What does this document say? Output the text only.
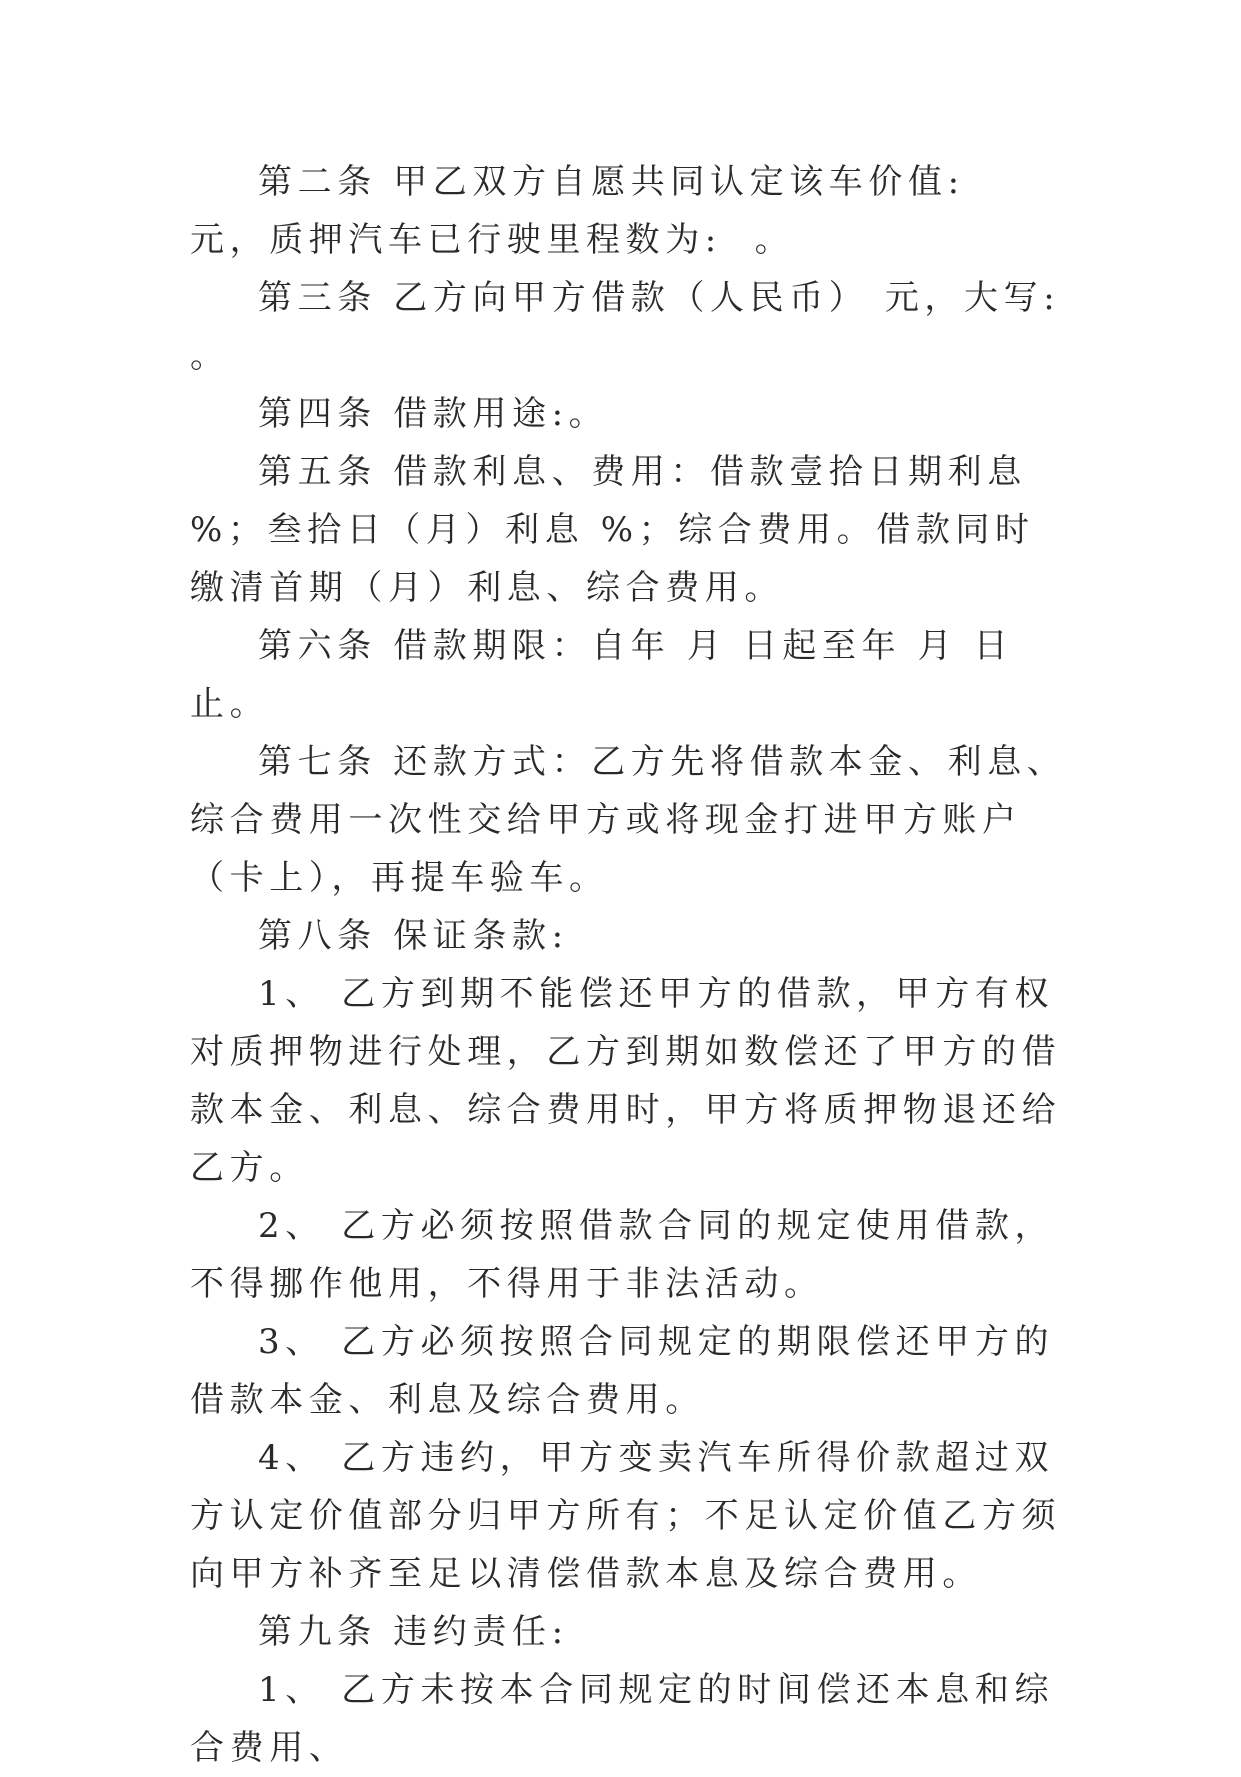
第二条 甲乙双方自愿共同认定该车价值:  元，质押汽车已行驶里程数为:  。

第三条 乙方向甲方借款（人民币） 元，大写:  。

第四条 借款用途:。

第五条 借款利息、费用：借款壹拾日期利息 %；叁拾日（月）利息 %；综合费用。借款同时缴清首期（月）利息、综合费用。

第六条 借款期限：自年 月 日起至年 月 日止。

第七条 还款方式：乙方先将借款本金、利息、综合费用一次性交给甲方或将现金打进甲方账户（卡上），再提车验车。

第八条 保证条款:

1、 乙方到期不能偿还甲方的借款，甲方有权对质押物进行处理，乙方到期如数偿还了甲方的借款本金、利息、综合费用时，甲方将质押物退还给乙方。

2、 乙方必须按照借款合同的规定使用借款，不得挪作他用，不得用于非法活动。

3、 乙方必须按照合同规定的期限偿还甲方的借款本金、利息及综合费用。

4、 乙方违约，甲方变卖汽车所得价款超过双方认定价值部分归甲方所有；不足认定价值乙方须向甲方补齐至足以清偿借款本息及综合费用。

第九条 违约责任:

1、 乙方未按本合同规定的时间偿还本息和综合费用、
